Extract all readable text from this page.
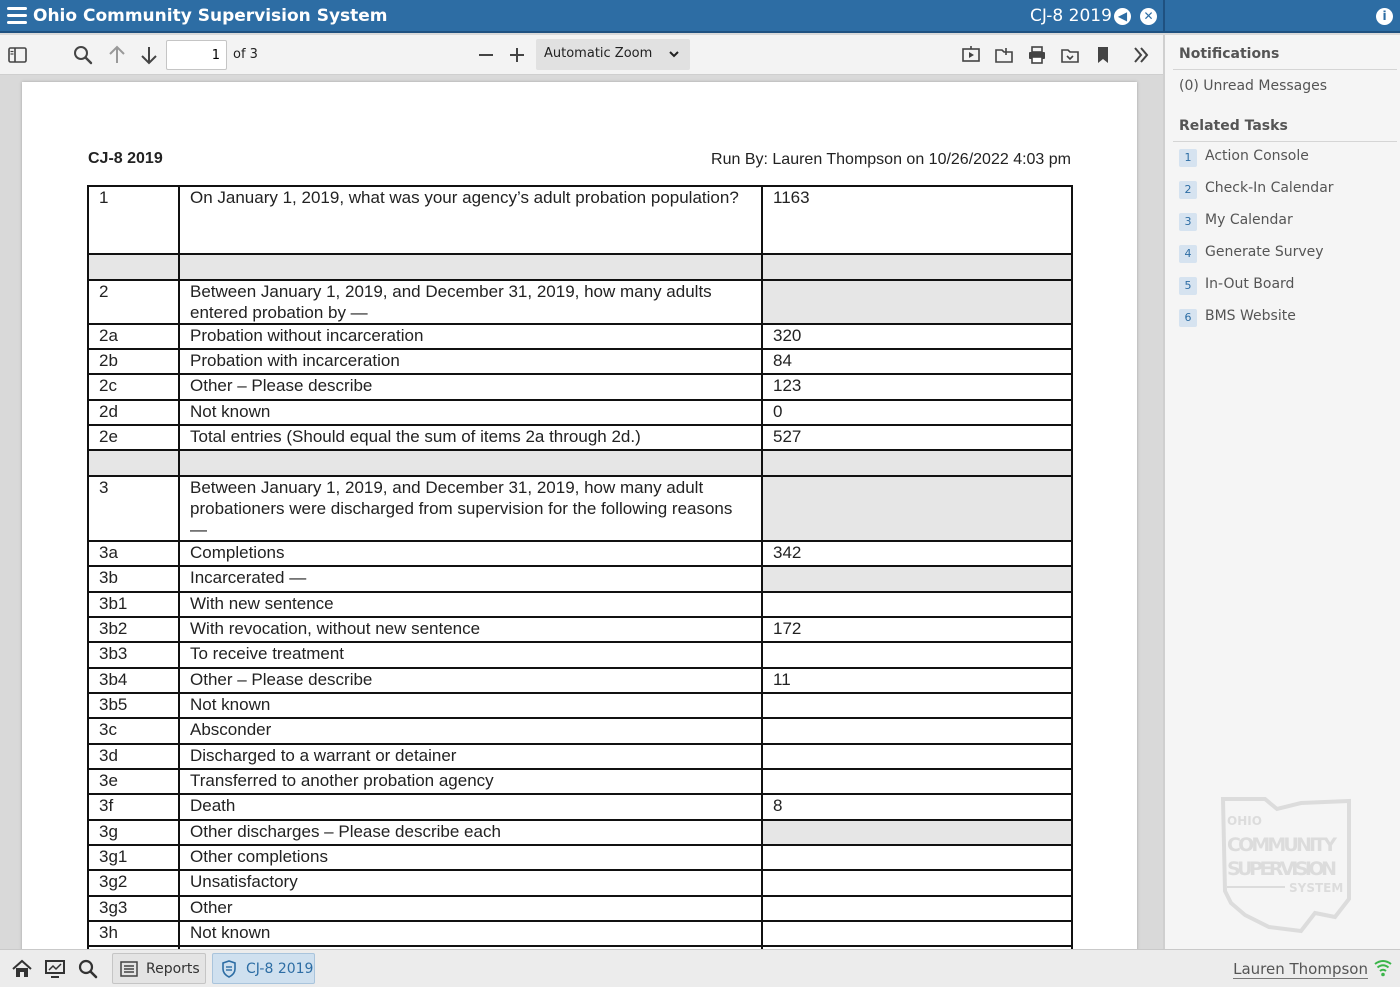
Ohio Community Supervision System	CJ-8 2019 ◀	✕	i
1
of 3	Automatic Zoom
CJ-8 2019	Run By: Lauren Thompson on 10/26/2022 4:03 pm
1	On January 1, 2019, what was your agency’s adult probation population?	1163

2	Between January 1, 2019, and December 31, 2019, how many adults entered probation by —	
2a	Probation without incarceration	320
2b	Probation with incarceration	84
2c	Other – Please describe	123
2d	Not known	0
2e	Total entries (Should equal the sum of items 2a through 2d.)	527

3	Between January 1, 2019, and December 31, 2019, how many adult probationers were discharged from supervision for the following reasons —	
3a	Completions	342
3b	Incarcerated —	
3b1	With new sentence	
3b2	With revocation, without new sentence	172
3b3	To receive treatment	
3b4	Other – Please describe	11
3b5	Not known	
3c	Absconder	
3d	Discharged to a warrant or detainer	
3e	Transferred to another probation agency	
3f	Death	8
3g	Other discharges – Please describe each	
3g1	Other completions	
3g2	Unsatisfactory	
3g3	Other	
3h	Not known	

Notifications
(0) Unread Messages
Related Tasks
1 Action Console
2 Check-In Calendar
3 My Calendar
4 Generate Survey
5 In-Out Board
6 BMS Website
OHIO
COMMUNITY
SUPERVISION
SYSTEM
Reports	CJ-8 2019	Lauren Thompson
